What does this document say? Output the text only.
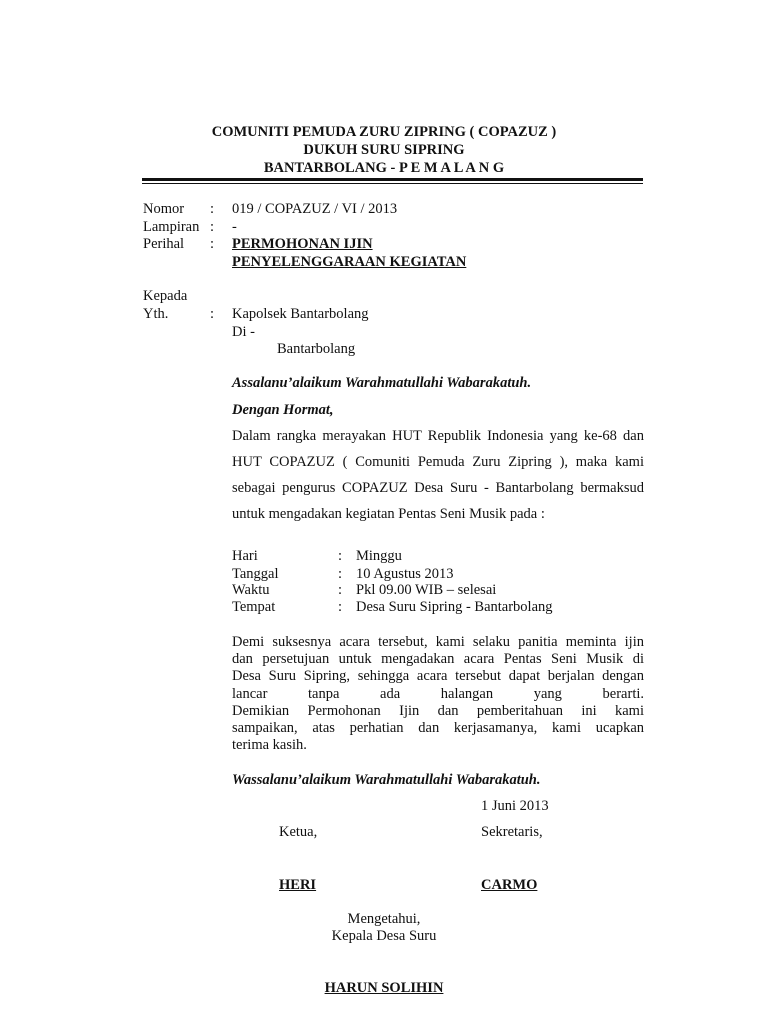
COMUNITI PEMUDA ZURU ZIPRING ( COPAZUZ )
DUKUH SURU SIPRING
BANTARBOLANG - P E M A L A N G
Nomor : 019 / COPAZUZ / VI / 2013
Lampiran : -
Perihal : PERMOHONAN IJIN
PENYELENGGARAAN KEGIATAN
Kepada
Yth.	: Kapolsek Bantarbolang
Di -
Bantarbolang
Assalanu’alaikum Warahmatullahi Wabarakatuh.
Dengan Hormat,
Dalam rangka merayakan HUT Republik Indonesia yang ke-68 dan
HUT COPAZUZ ( Comuniti Pemuda Zuru Zipring ), maka kami
sebagai pengurus COPAZUZ Desa Suru - Bantarbolang bermaksud
untuk mengadakan kegiatan Pentas Seni Musik pada :
Hari	: Minggu
Tanggal	: 10 Agustus 2013
Waktu	: Pkl 09.00 WIB – selesai
Tempat	: Desa Suru Sipring - Bantarbolang
Demi suksesnya acara tersebut, kami selaku panitia meminta ijin
dan persetujuan untuk mengadakan acara Pentas Seni Musik di
Desa Suru Sipring, sehingga acara tersebut dapat berjalan dengan
lancar tanpa ada halangan yang berarti.
Demikian Permohonan Ijin dan pemberitahuan ini kami
sampaikan, atas perhatian dan kerjasamanya, kami ucapkan
terima kasih.
Wassalanu’alaikum Warahmatullahi Wabarakatuh.
1 Juni 2013
Ketua,	Sekretaris,
HERI	CARMO
Mengetahui,
Kepala Desa Suru
HARUN SOLIHIN
